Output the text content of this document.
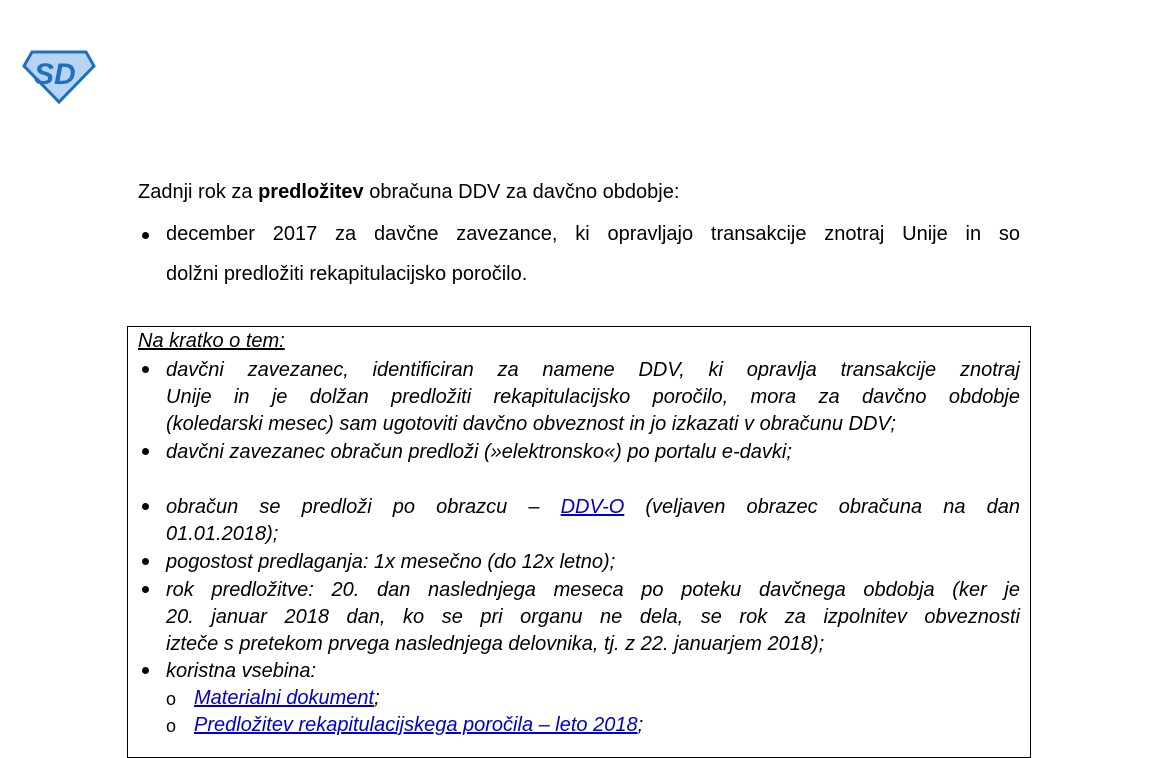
SD
Zadnji rok za predložitev obračuna DDV za davčno obdobje:
december 2017 za davčne zavezance, ki opravljajo transakcije znotraj Unije in so
dolžni predložiti rekapitulacijsko poročilo.
Na kratko o tem:
davčni zavezanec, identificiran za namene DDV, ki opravlja transakcije znotraj
Unije in je dolžan predložiti rekapitulacijsko poročilo, mora za davčno obdobje
(koledarski mesec) sam ugotoviti davčno obveznost in jo izkazati v obračunu DDV;
davčni zavezanec obračun predloži (»elektronsko«) po portalu e-davki;
obračun se predloži po obrazcu – DDV-O (veljaven obrazec obračuna na dan
01.01.2018);
pogostost predlaganja: 1x mesečno (do 12x letno);
rok predložitve: 20. dan naslednjega meseca po poteku davčnega obdobja (ker je
20. januar 2018 dan, ko se pri organu ne dela, se rok za izpolnitev obveznosti
izteče s pretekom prvega naslednjega delovnika, tj. z 22. januarjem 2018);
koristna vsebina:
o Materialni dokument;
o Predložitev rekapitulacijskega poročila – leto 2018;
